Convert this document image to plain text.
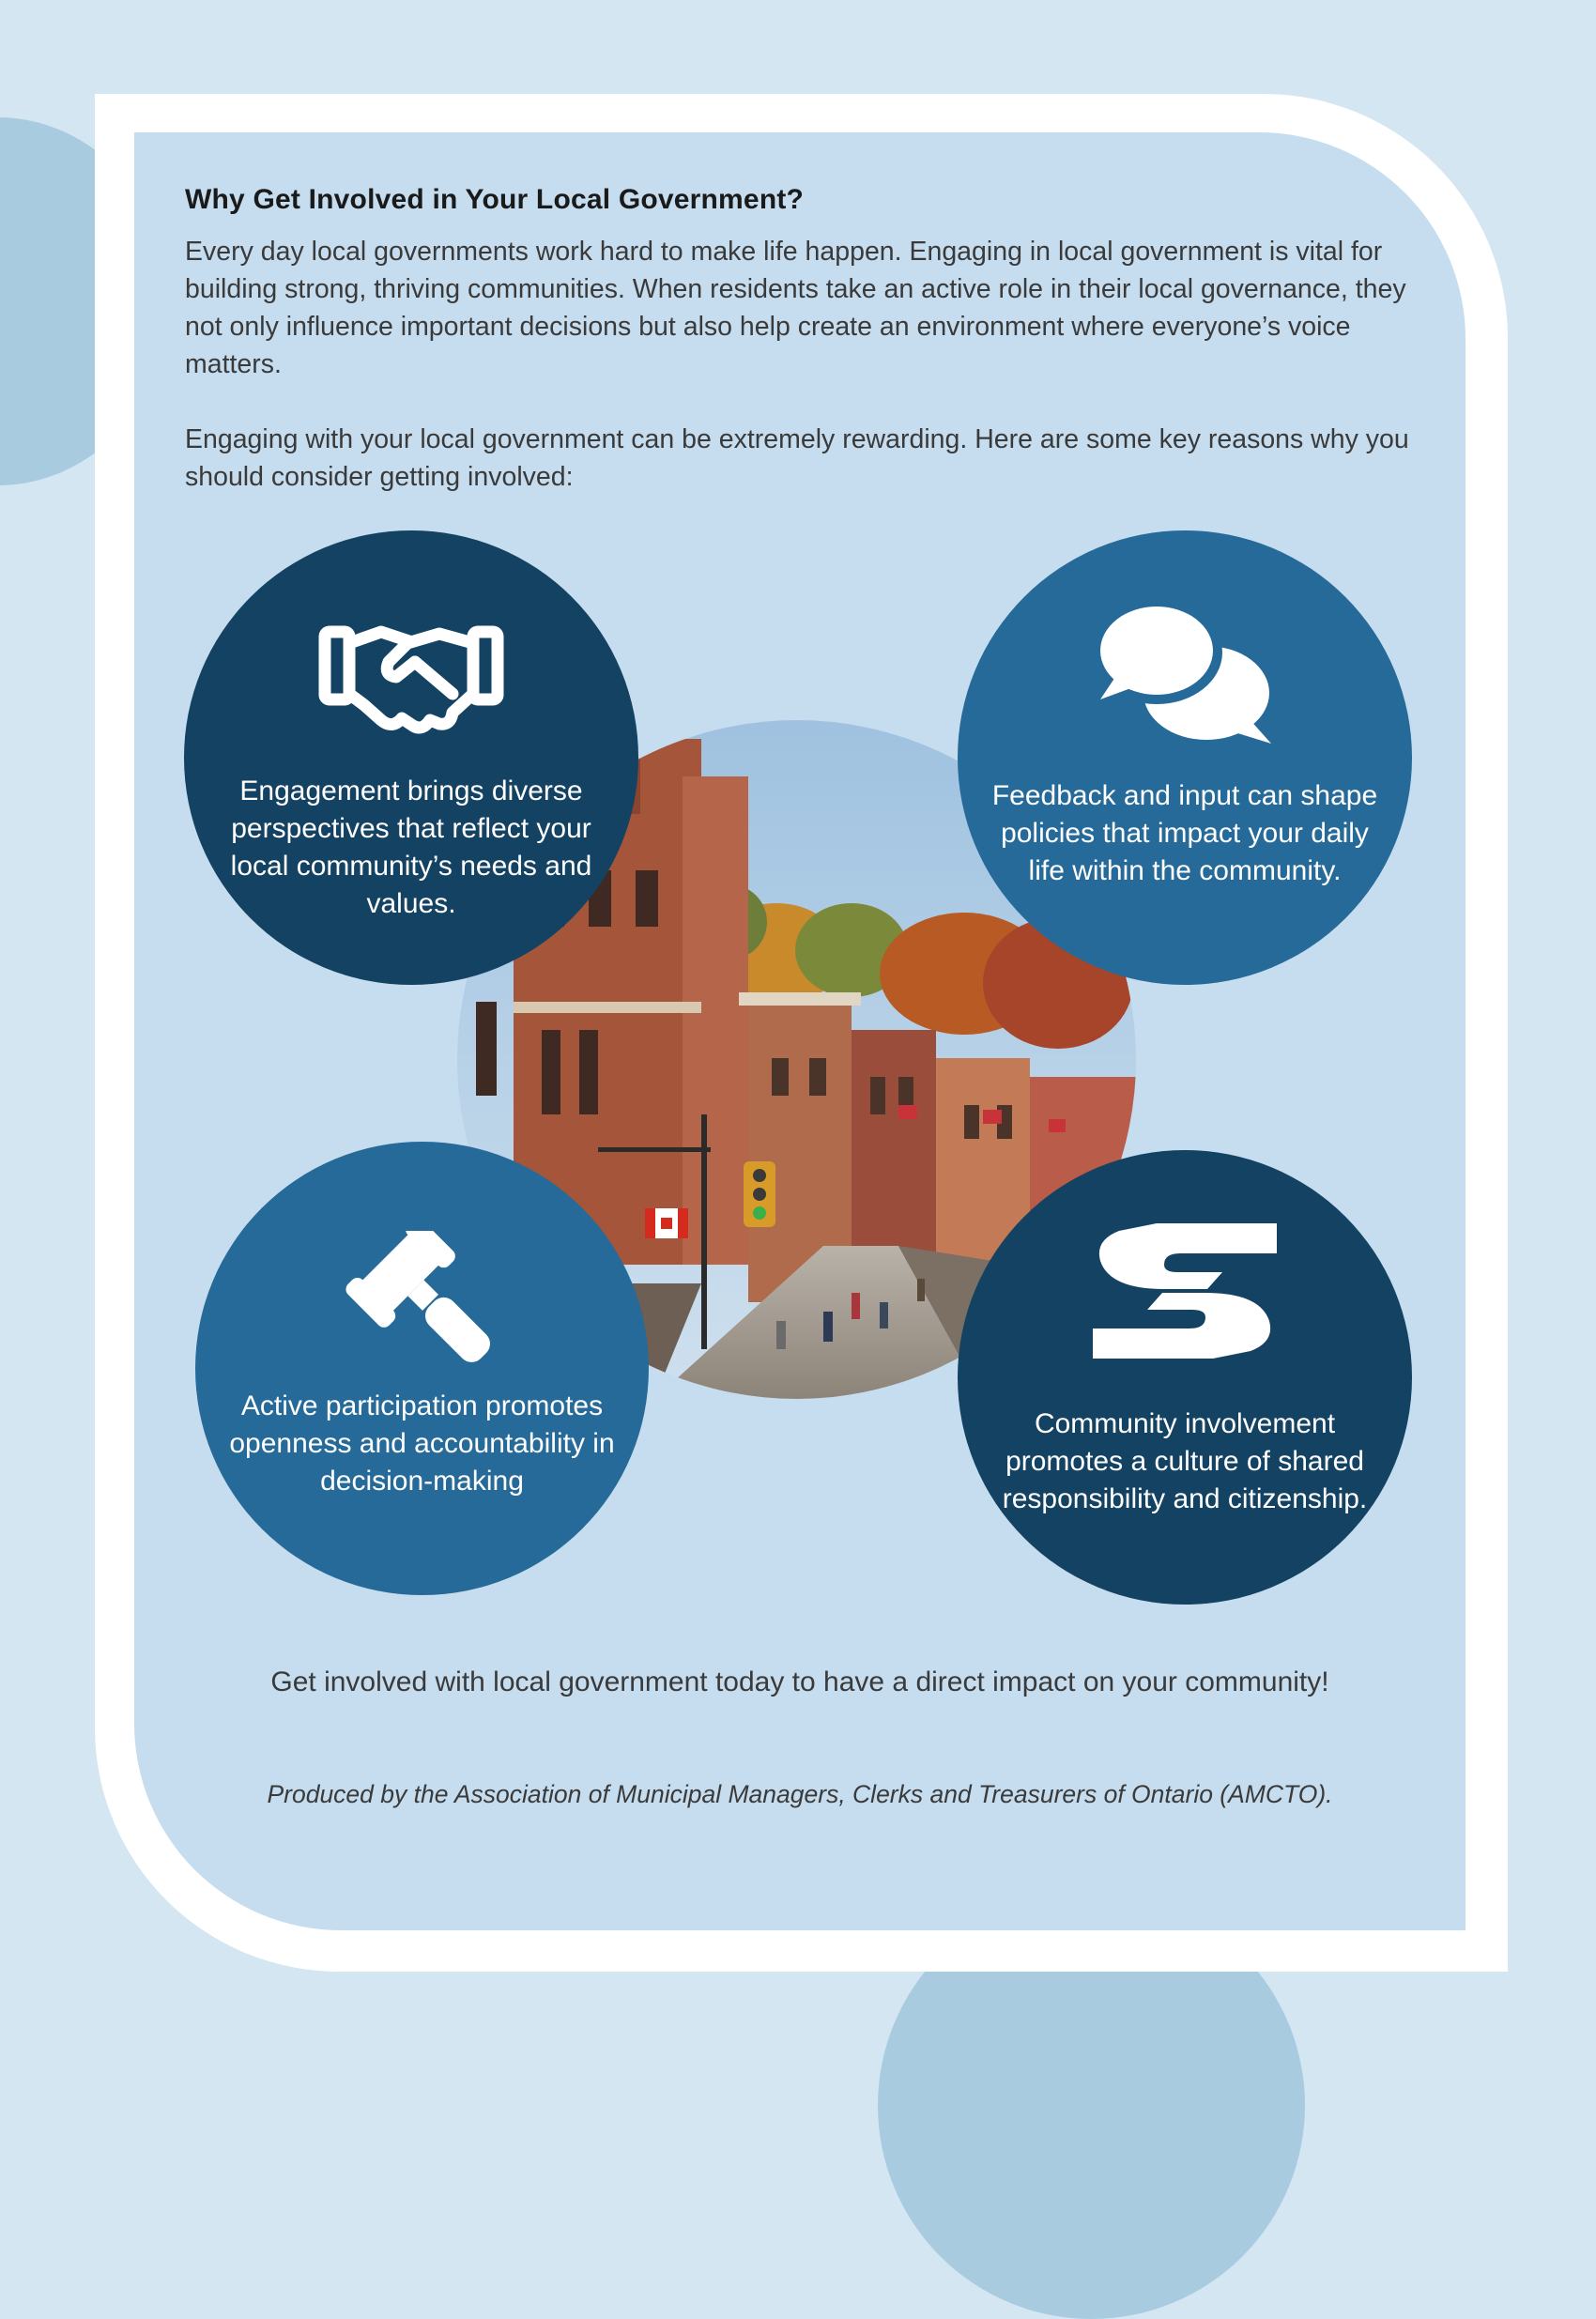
Why Get Involved in Your Local Government?

Every day local governments work hard to make life happen. Engaging in local government is vital for building strong, thriving communities. When residents take an active role in their local governance, they not only influence important decisions but also help create an environment where everyone’s voice matters.

Engaging with your local government can be extremely rewarding. Here are some key reasons why you should consider getting involved:

Engagement brings diverse perspectives that reflect your local community’s needs and values.

Feedback and input can shape policies that impact your daily life within the community.

Active participation promotes openness and accountability in decision-making

Community involvement promotes a culture of shared responsibility and citizenship.

Get involved with local government today to have a direct impact on your community!

Produced by the Association of Municipal Managers, Clerks and Treasurers of Ontario (AMCTO).
